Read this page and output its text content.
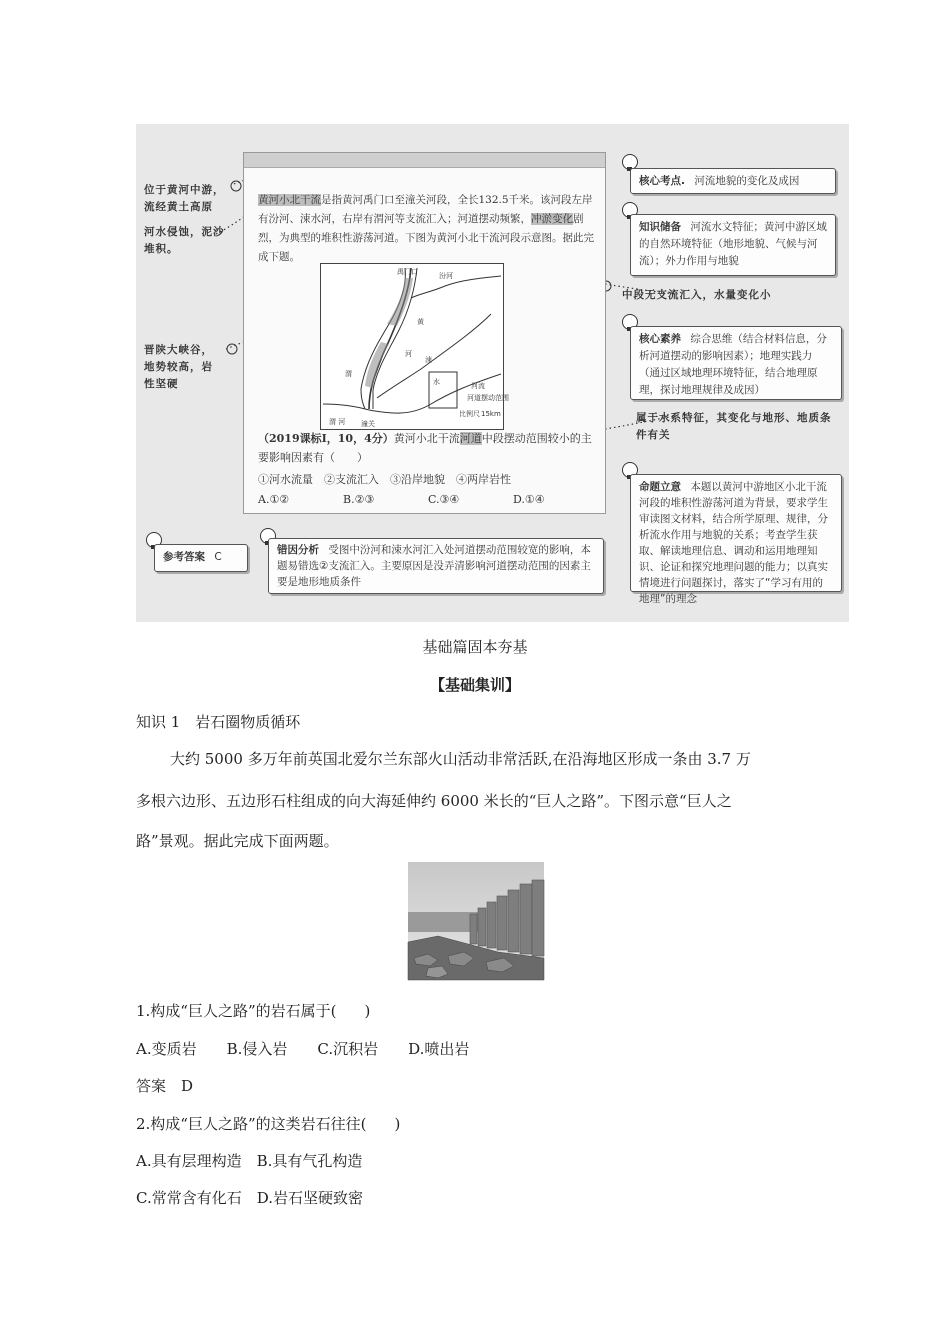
位于黄河中游，流经黄土高原
河水侵蚀，泥沙堆积。
晋陕大峡谷，地势较高，岩性坚硬
参考答案 C
错因分析 受图中汾河和涑水河汇入处河道摆动范围较宽的影响，本题易错选②支流汇入。主要原因是没弄清影响河道摆动范围的因素主要是地形地质条件
核心考点. 河流地貌的变化及成因
知识储备 河流水文特征；黄河中游区域的自然环境特征（地形地貌、气候与河流）；外力作用与地貌
中段无支流汇入，水量变化小
核心素养 综合思维（结合材料信息，分析河道摆动的影响因素）；地理实践力（通过区域地理环境特征，结合地理原理，探讨地理规律及成因）
属于水系特征，其变化与地形、地质条件有关
命题立意 本题以黄河中游地区小北干流河段的堆积性游荡河道为背景，要求学生审读图文材料，结合所学原理、规律，分析流水作用与地貌的关系；考查学生获取、解读地理信息、调动和运用地理知识、论证和探究地理问题的能力；以真实情境进行问题探讨，落实了“学习有用的地理”的理念
黄河小北干流是指黄河禹门口至潼关河段，全长132.5千米。该河段左岸有汾河、涑水河，右岸有渭河等支流汇入；河道摆动频繁，冲淤变化剧烈，为典型的堆积性游荡河道。下图为黄河小北干流河段示意图。据此完成下题。
禹门口	汾河
黄
河
渭
渭 河 潼关
涑
水	河流
河道摆动范围
比例尺 15km
（2019课标Ⅰ，10，4分）黄河小北干流河道中段摆动范围较小的主要影响因素有（　　）
①河水流量　②支流汇入　③沿岸地貌　④两岸岩性
A.①②	B.②③	C.③④	D.①④
基础篇固本夯基
【基础集训】
知识 1　岩石圈物质循环
大约 5000 多万年前英国北爱尔兰东部火山活动非常活跃,在沿海地区形成一条由 3.7 万
多根六边形、五边形石柱组成的向大海延伸约 6000 米长的“巨人之路”。下图示意“巨人之
路”景观。据此完成下面两题。
1.构成“巨人之路”的岩石属于( )
A.变质岩　　B.侵入岩　　C.沉积岩　　D.喷出岩
答案　D
2.构成“巨人之路”的这类岩石往往( )
A.具有层理构造　B.具有气孔构造
C.常常含有化石　D.岩石坚硬致密
